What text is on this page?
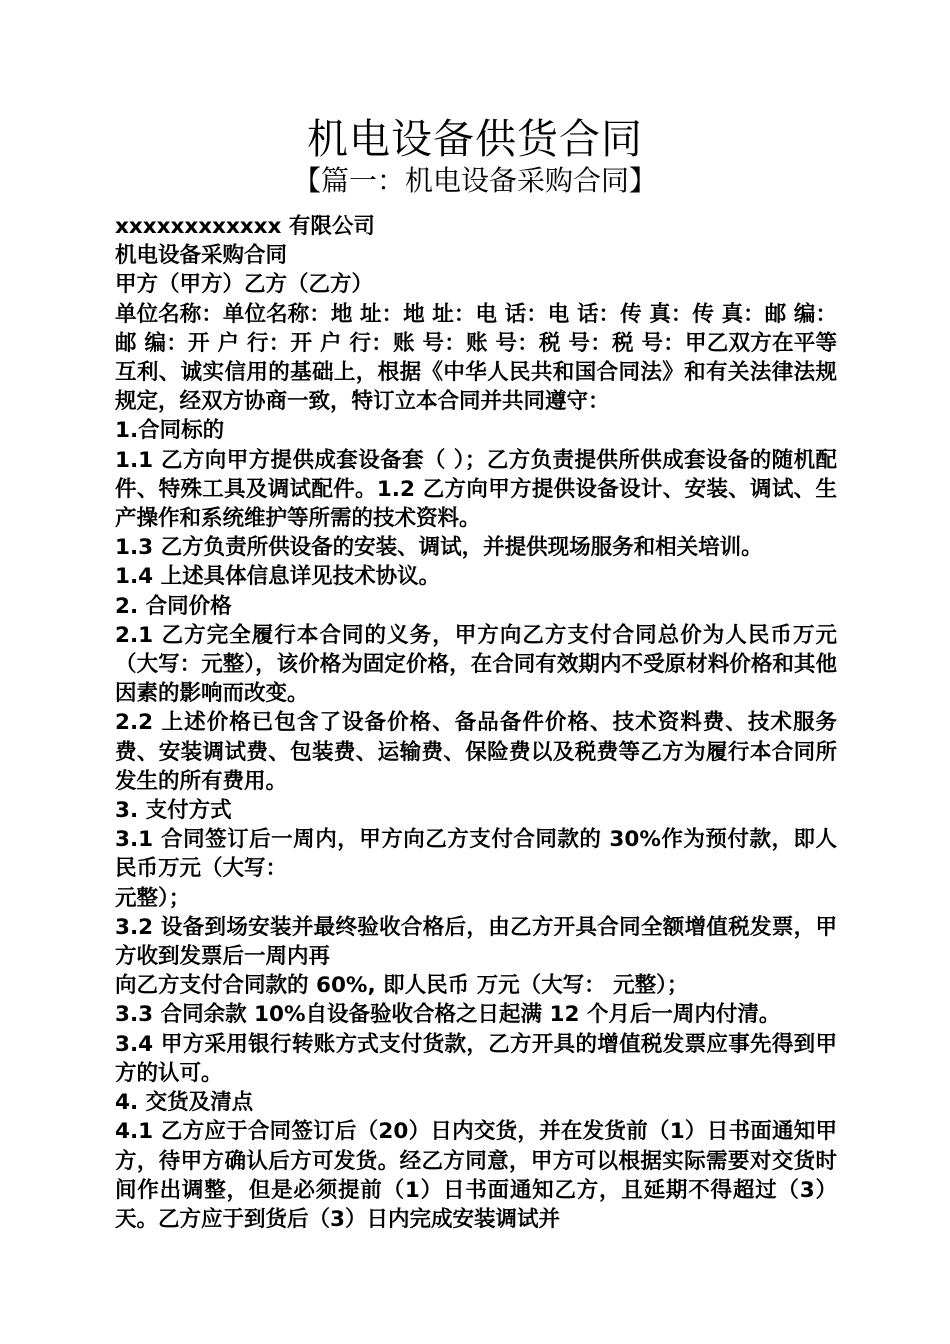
机电设备供货合同
【篇一：机电设备采购合同】

xxxxxxxxxxxx 有限公司

机电设备采购合同

甲方（甲方）乙方（乙方）

单位名称：单位名称：地 址：地 址：电 话：电 话：传 真：传 真：邮 编：邮 编：开 户 行：开 户 行：账 号：账 号：税 号：税 号：甲乙双方在平等互利、诚实信用的基础上，根据《中华人民共和国合同法》和有关法律法规规定，经双方协商一致，特订立本合同并共同遵守：

1.合同标的

1.1 乙方向甲方提供成套设备套（ ）；乙方负责提供所供成套设备的随机配件、特殊工具及调试配件。1.2 乙方向甲方提供设备设计、安装、调试、生产操作和系统维护等所需的技术资料。

1.3 乙方负责所供设备的安装、调试，并提供现场服务和相关培训。

1.4 上述具体信息详见技术协议。

2. 合同价格

2.1 乙方完全履行本合同的义务，甲方向乙方支付合同总价为人民币万元（大写：元整），该价格为固定价格，在合同有效期内不受原材料价格和其他因素的影响而改变。

2.2 上述价格已包含了设备价格、备品备件价格、技术资料费、技术服务费、安装调试费、包装费、运输费、保险费以及税费等乙方为履行本合同所发生的所有费用。

3. 支付方式

3.1 合同签订后一周内，甲方向乙方支付合同款的 30%作为预付款，即人民币万元（大写：

元整）；

3.2 设备到场安装并最终验收合格后，由乙方开具合同全额增值税发票，甲方收到发票后一周内再

向乙方支付合同款的 60%, 即人民币 万元（大写： 元整）；

3.3 合同余款 10%自设备验收合格之日起满 12 个月后一周内付清。

3.4 甲方采用银行转账方式支付货款，乙方开具的增值税发票应事先得到甲方的认可。

4. 交货及清点

4.1 乙方应于合同签订后（20）日内交货，并在发货前（1）日书面通知甲方，待甲方确认后方可发货。经乙方同意，甲方可以根据实际需要对交货时间作出调整，但是必须提前（1）日书面通知乙方，且延期不得超过（3）天。乙方应于到货后（3）日内完成安装调试并
